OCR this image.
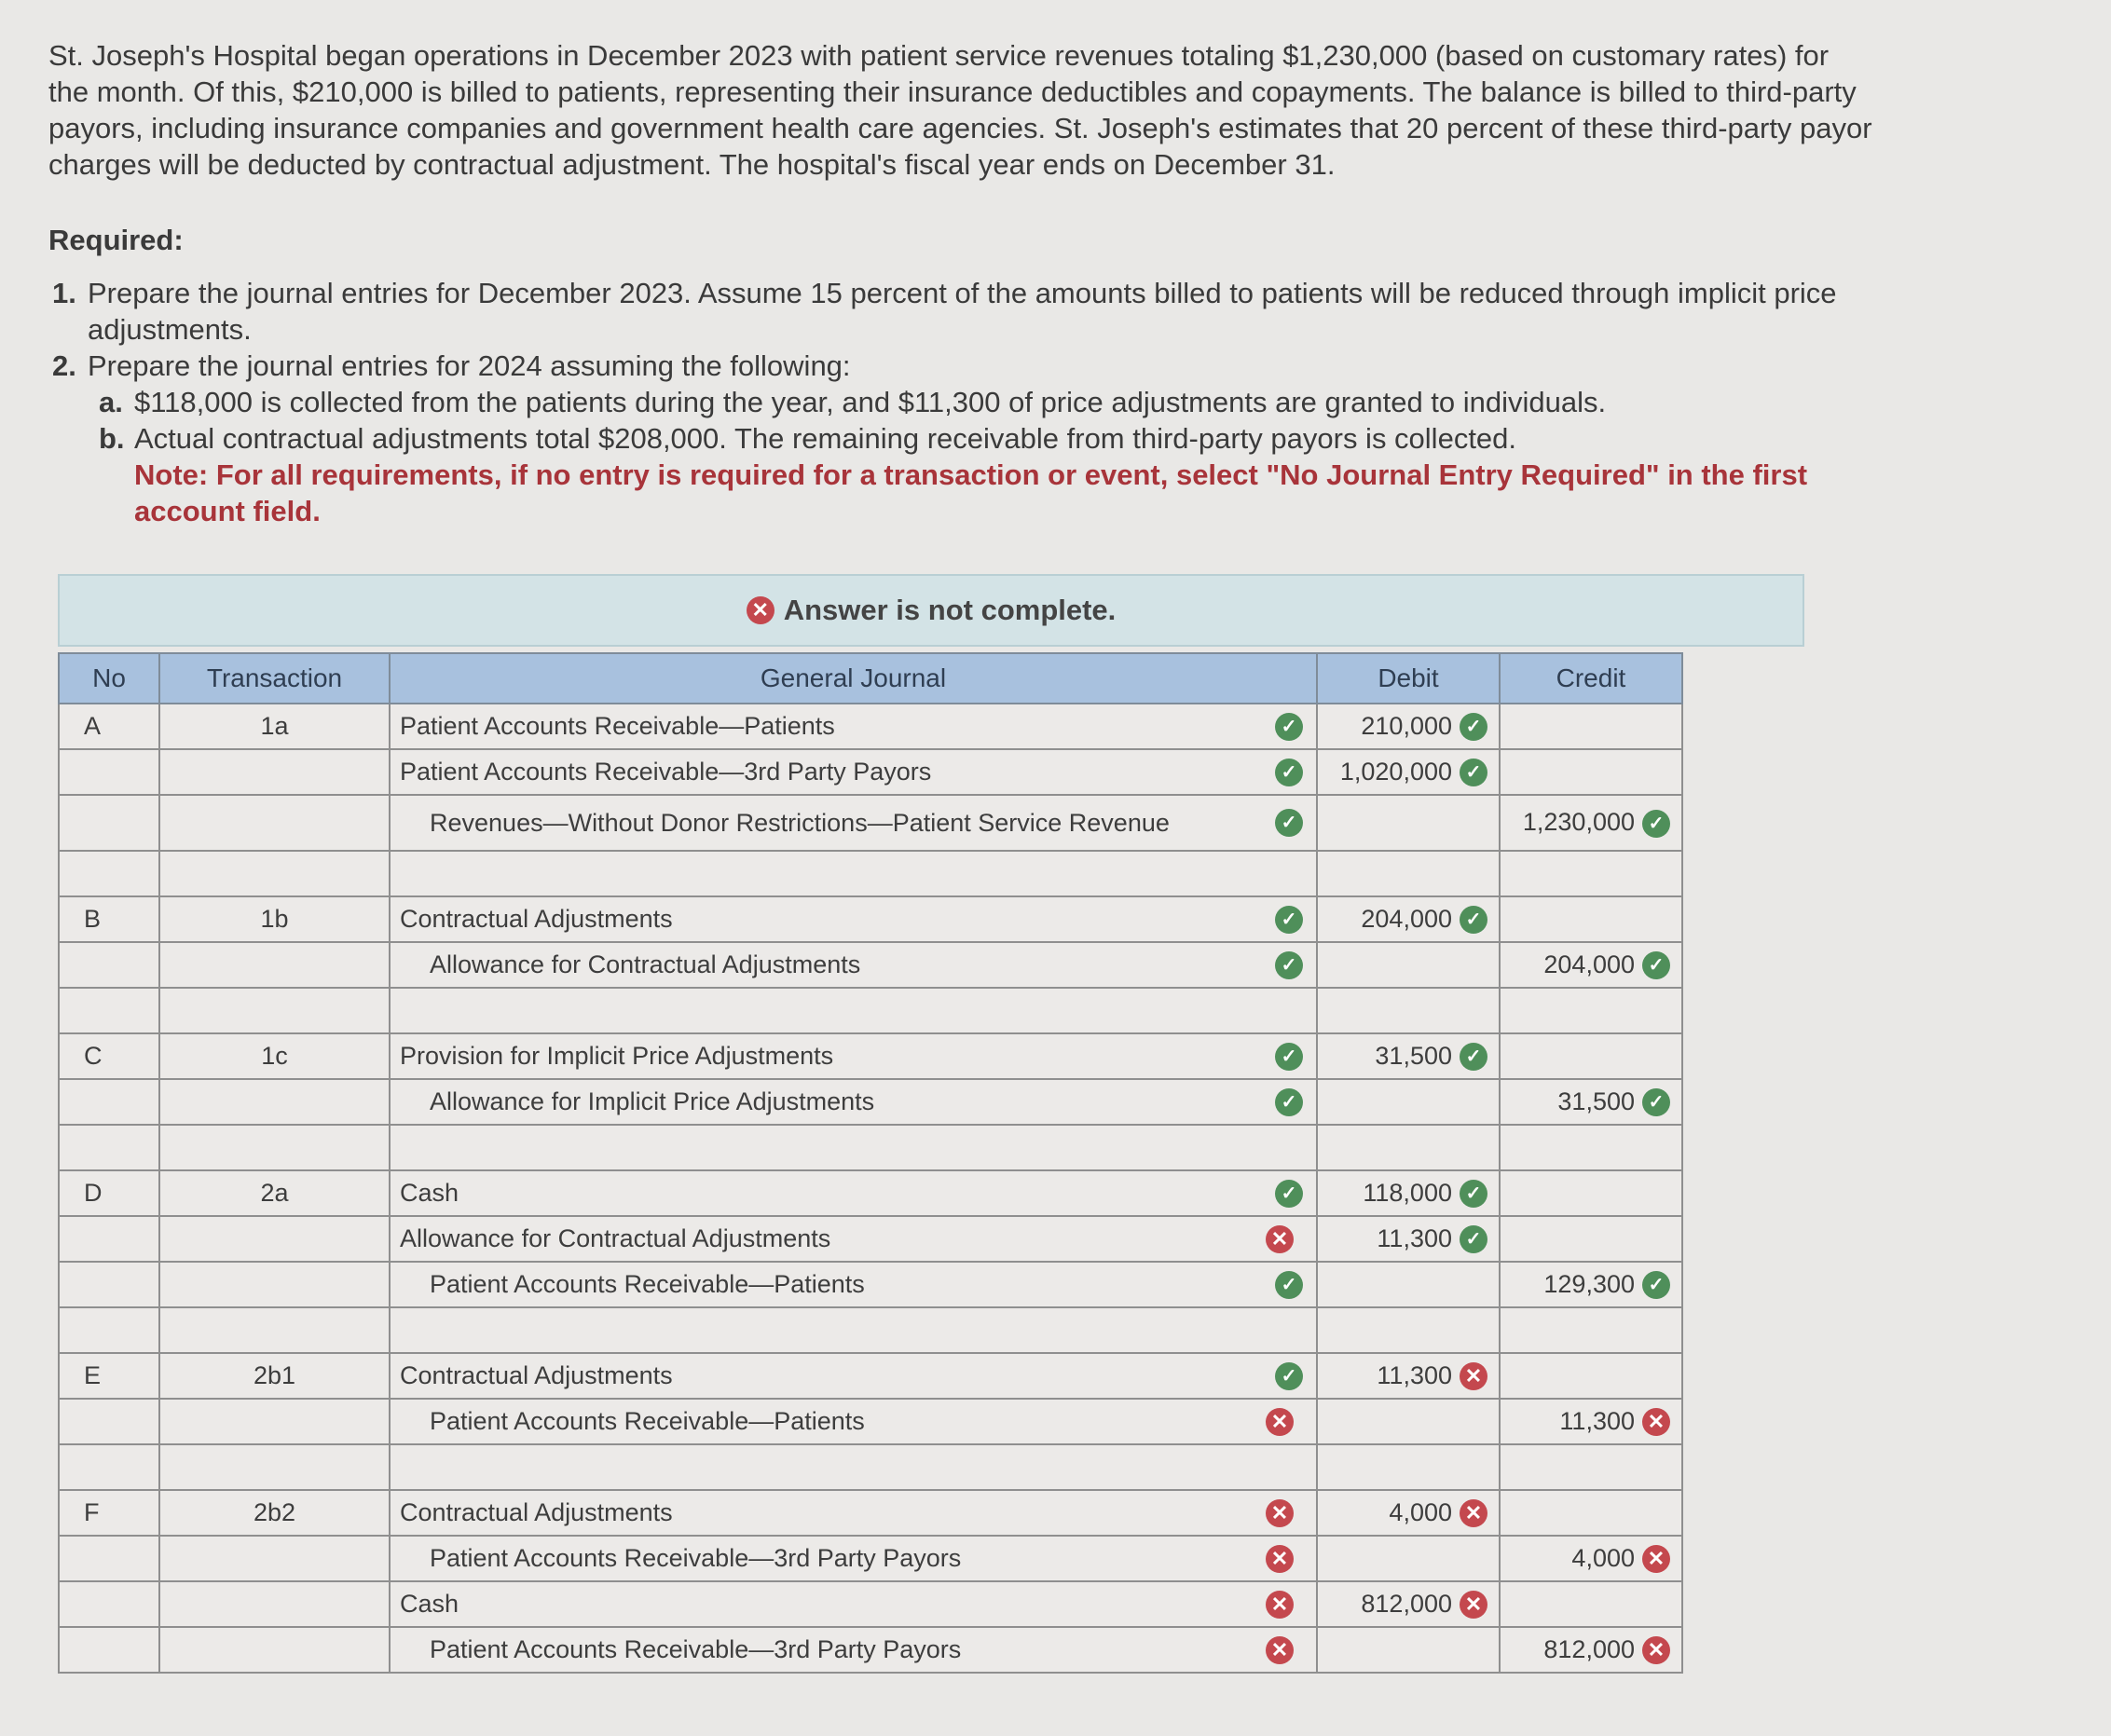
St. Joseph's Hospital began operations in December 2023 with patient service revenues totaling $1,230,000 (based on customary rates) for the month. Of this, $210,000 is billed to patients, representing their insurance deductibles and copayments. The balance is billed to third-party payors, including insurance companies and government health care agencies. St. Joseph's estimates that 20 percent of these third-party payor charges will be deducted by contractual adjustment. The hospital's fiscal year ends on December 31.

Required:

1. Prepare the journal entries for December 2023. Assume 15 percent of the amounts billed to patients will be reduced through implicit price adjustments.
2. Prepare the journal entries for 2024 assuming the following:
a. $118,000 is collected from the patients during the year, and $11,300 of price adjustments are granted to individuals.
b. Actual contractual adjustments total $208,000. The remaining receivable from third-party payors is collected.

Note: For all requirements, if no entry is required for a transaction or event, select "No Journal Entry Required" in the first account field.

✕ Answer is not complete.
No	Transaction	General Journal	Debit	Credit
A	1a	Patient Accounts Receivable—Patients ✓	210,000 ✓	
		Patient Accounts Receivable—3rd Party Payors ✓	1,020,000 ✓	
		Revenues—Without Donor Restrictions—Patient Service Revenue ✓		1,230,000 ✓

B	1b	Contractual Adjustments ✓	204,000 ✓	
		Allowance for Contractual Adjustments ✓		204,000 ✓

C	1c	Provision for Implicit Price Adjustments ✓	31,500 ✓	
		Allowance for Implicit Price Adjustments ✓		31,500 ✓

D	2a	Cash ✓	118,000 ✓	
		Allowance for Contractual Adjustments ✕	11,300 ✓	
		Patient Accounts Receivable—Patients ✓		129,300 ✓

E	2b1	Contractual Adjustments ✓	11,300 ✕	
		Patient Accounts Receivable—Patients ✕		11,300 ✕

F	2b2	Contractual Adjustments ✕	4,000 ✕	
		Patient Accounts Receivable—3rd Party Payors ✕		4,000 ✕
		Cash ✕	812,000 ✕	
		Patient Accounts Receivable—3rd Party Payors ✕		812,000 ✕
